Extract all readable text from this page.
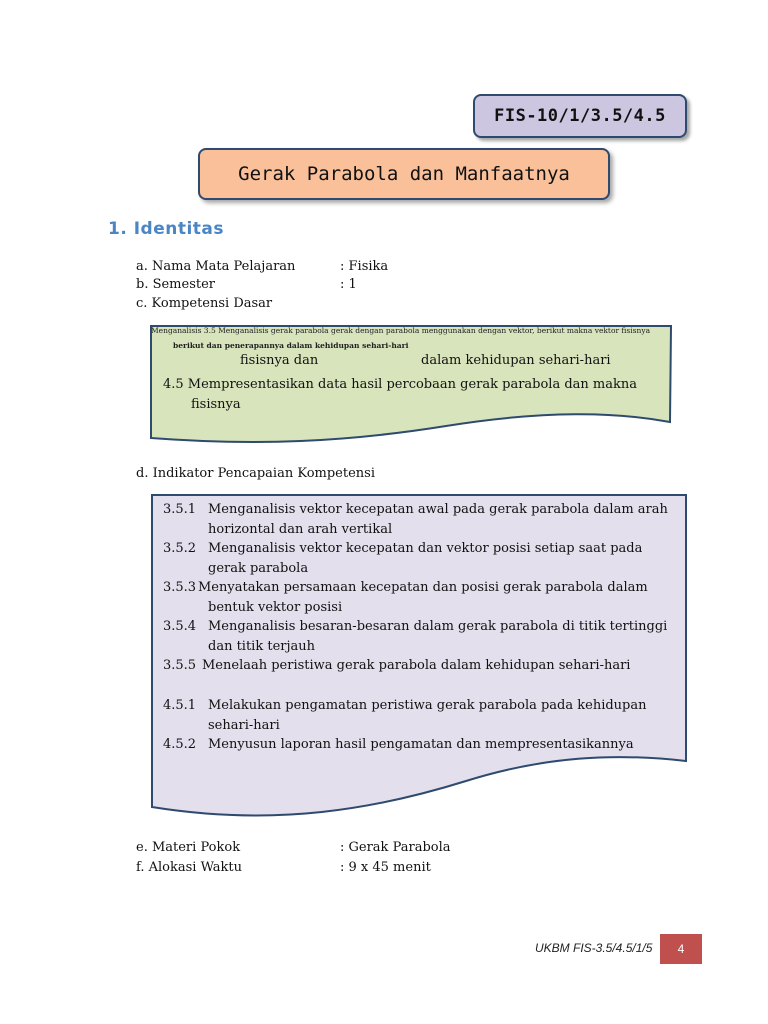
FIS-10/1/3.5/4.5
Gerak Parabola dan Manfaatnya
1. Identitas
a. Nama Mata Pelajaran	: Fisika
b. Semester	: 1
c. Kompetensi Dasar
Menganalisis 3.5 Menganalisis gerak parabola gerak dengan parabola menggunakan dengan vektor, berikut makna vektor fisisnya
berikut dan penerapannya dalam kehidupan sehari-hari
fisisnya dan	dalam kehidupan sehari-hari
4.5 Mempresentasikan data hasil percobaan gerak parabola dan makna
fisisnya
d. Indikator Pencapaian Kompetensi
3.5.1 Menganalisis vektor kecepatan awal pada gerak parabola dalam arah
horizontal dan arah vertikal
3.5.2 Menganalisis vektor kecepatan dan vektor posisi setiap saat pada
gerak parabola
3.5.3 Menyatakan persamaan kecepatan dan posisi gerak parabola dalam
bentuk vektor posisi
3.5.4 Menganalisis besaran-besaran dalam gerak parabola di titik tertinggi
dan titik terjauh
3.5.5 Menelaah peristiwa gerak parabola dalam kehidupan sehari-hari
4.5.1 Melakukan pengamatan peristiwa gerak parabola pada kehidupan
sehari-hari
4.5.2 Menyusun laporan hasil pengamatan dan mempresentasikannya
e. Materi Pokok	: Gerak Parabola
f. Alokasi Waktu	: 9 x 45 menit
UKBM FIS-3.5/4.5/1/5 4
